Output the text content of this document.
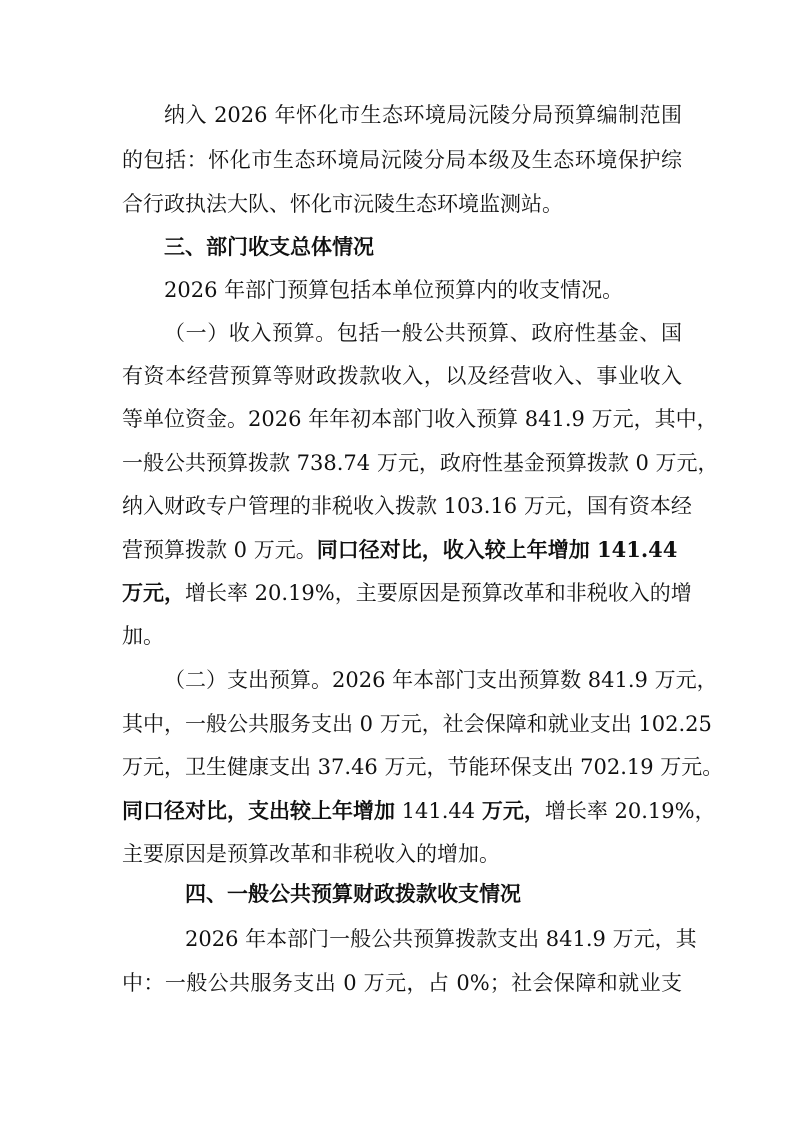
纳入 2026 年怀化市生态环境局沅陵分局预算编制范围
的包括：怀化市生态环境局沅陵分局本级及生态环境保护综
合行政执法大队、怀化市沅陵生态环境监测站。
三、部门收支总体情况
2026 年部门预算包括本单位预算内的收支情况。
（一）收入预算。包括一般公共预算、政府性基金、国
有资本经营预算等财政拨款收入，以及经营收入、事业收入
等单位资金。2026 年年初本部门收入预算 841.9 万元，其中，
一般公共预算拨款 738.74 万元，政府性基金预算拨款 0 万元，
纳入财政专户管理的非税收入拨款 103.16 万元，国有资本经
营预算拨款 0 万元。同口径对比，收入较上年增加 141.44
万元，增长率 20.19%，主要原因是预算改革和非税收入的增
加。
（二）支出预算。2026 年本部门支出预算数 841.9 万元，
其中，一般公共服务支出 0 万元，社会保障和就业支出 102.25
万元，卫生健康支出 37.46 万元，节能环保支出 702.19 万元。
同口径对比，支出较上年增加 141.44 万元，增长率 20.19%，
主要原因是预算改革和非税收入的增加。
四、一般公共预算财政拨款收支情况
2026 年本部门一般公共预算拨款支出 841.9 万元，其
中：一般公共服务支出 0 万元，占 0%；社会保障和就业支
